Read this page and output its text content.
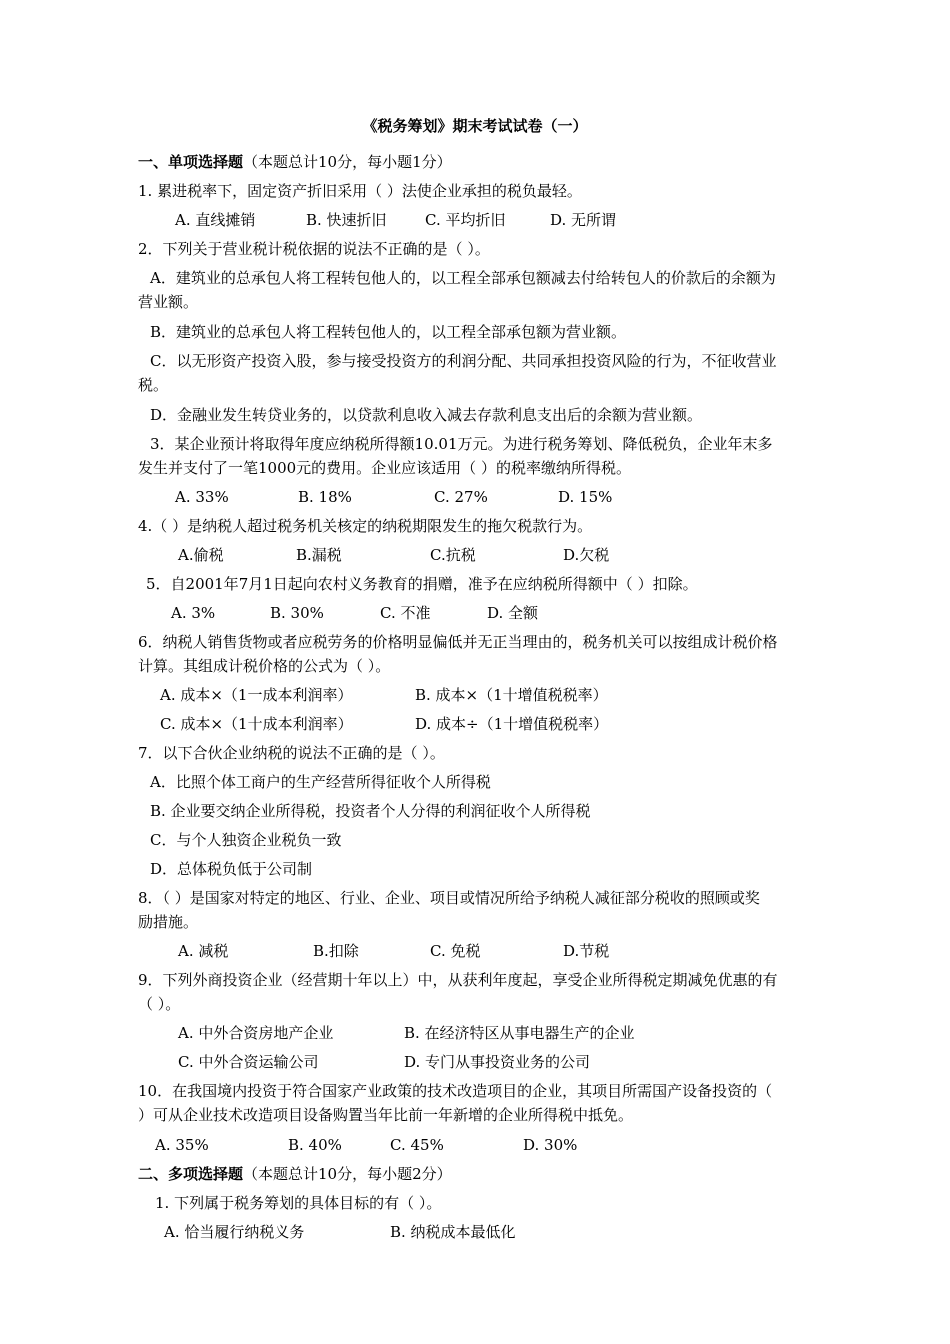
《税务筹划》期末考试试卷（一）
一、单项选择题（本题总计10分，每小题1分）
1. 累进税率下，固定资产折旧采用（ ）法使企业承担的税负最轻。
A. 直线摊销	B. 快速折旧	C. 平均折旧	D. 无所谓
2．下列关于营业税计税依据的说法不正确的是（ ）。
A．建筑业的总承包人将工程转包他人的，以工程全部承包额减去付给转包人的价款后的余额为
营业额。
B．建筑业的总承包人将工程转包他人的，以工程全部承包额为营业额。
C．以无形资产投资入股，参与接受投资方的利润分配、共同承担投资风险的行为，不征收营业
税。
D．金融业发生转贷业务的，以贷款利息收入减去存款利息支出后的余额为营业额。
3．某企业预计将取得年度应纳税所得额10.01万元。为进行税务筹划、降低税负，企业年末多
发生并支付了一笔1000元的费用。企业应该适用（ ）的税率缴纳所得税。
A. 33%	B. 18%	C. 27%	D. 15%
4.（ ）是纳税人超过税务机关核定的纳税期限发生的拖欠税款行为。
A.偷税	B.漏税	C.抗税	D.欠税
5．自2001年7月1日起向农村义务教育的捐赠，准予在应纳税所得额中（ ）扣除。
A. 3%	B. 30%	C. 不准	D. 全额
6．纳税人销售货物或者应税劳务的价格明显偏低并无正当理由的，税务机关可以按组成计税价格
计算。其组成计税价格的公式为（ ）。
A. 成本×（1一成本利润率）	B. 成本×（1十增值税税率）
C. 成本×（1十成本利润率）	D. 成本÷（1十增值税税率）
7．以下合伙企业纳税的说法不正确的是（ ）。
A．比照个体工商户的生产经营所得征收个人所得税
B. 企业要交纳企业所得税，投资者个人分得的利润征收个人所得税
C．与个人独资企业税负一致
D．总体税负低于公司制
8．（ ）是国家对特定的地区、行业、企业、项目或情况所给予纳税人减征部分税收的照顾或奖
励措施。
A. 减税	B.扣除	C. 免税	D.节税
9．下列外商投资企业（经营期十年以上）中，从获利年度起，享受企业所得税定期减免优惠的有
（ ）。
A. 中外合资房地产企业	B. 在经济特区从事电器生产的企业
C. 中外合资运输公司	D. 专门从事投资业务的公司
10．在我国境内投资于符合国家产业政策的技术改造项目的企业，其项目所需国产设备投资的（
）可从企业技术改造项目设备购置当年比前一年新增的企业所得税中抵免。
A. 35%	B. 40%	C. 45%	D. 30%
二、多项选择题（本题总计10分，每小题2分）
1. 下列属于税务筹划的具体目标的有（ ）。
A. 恰当履行纳税义务	B. 纳税成本最低化
